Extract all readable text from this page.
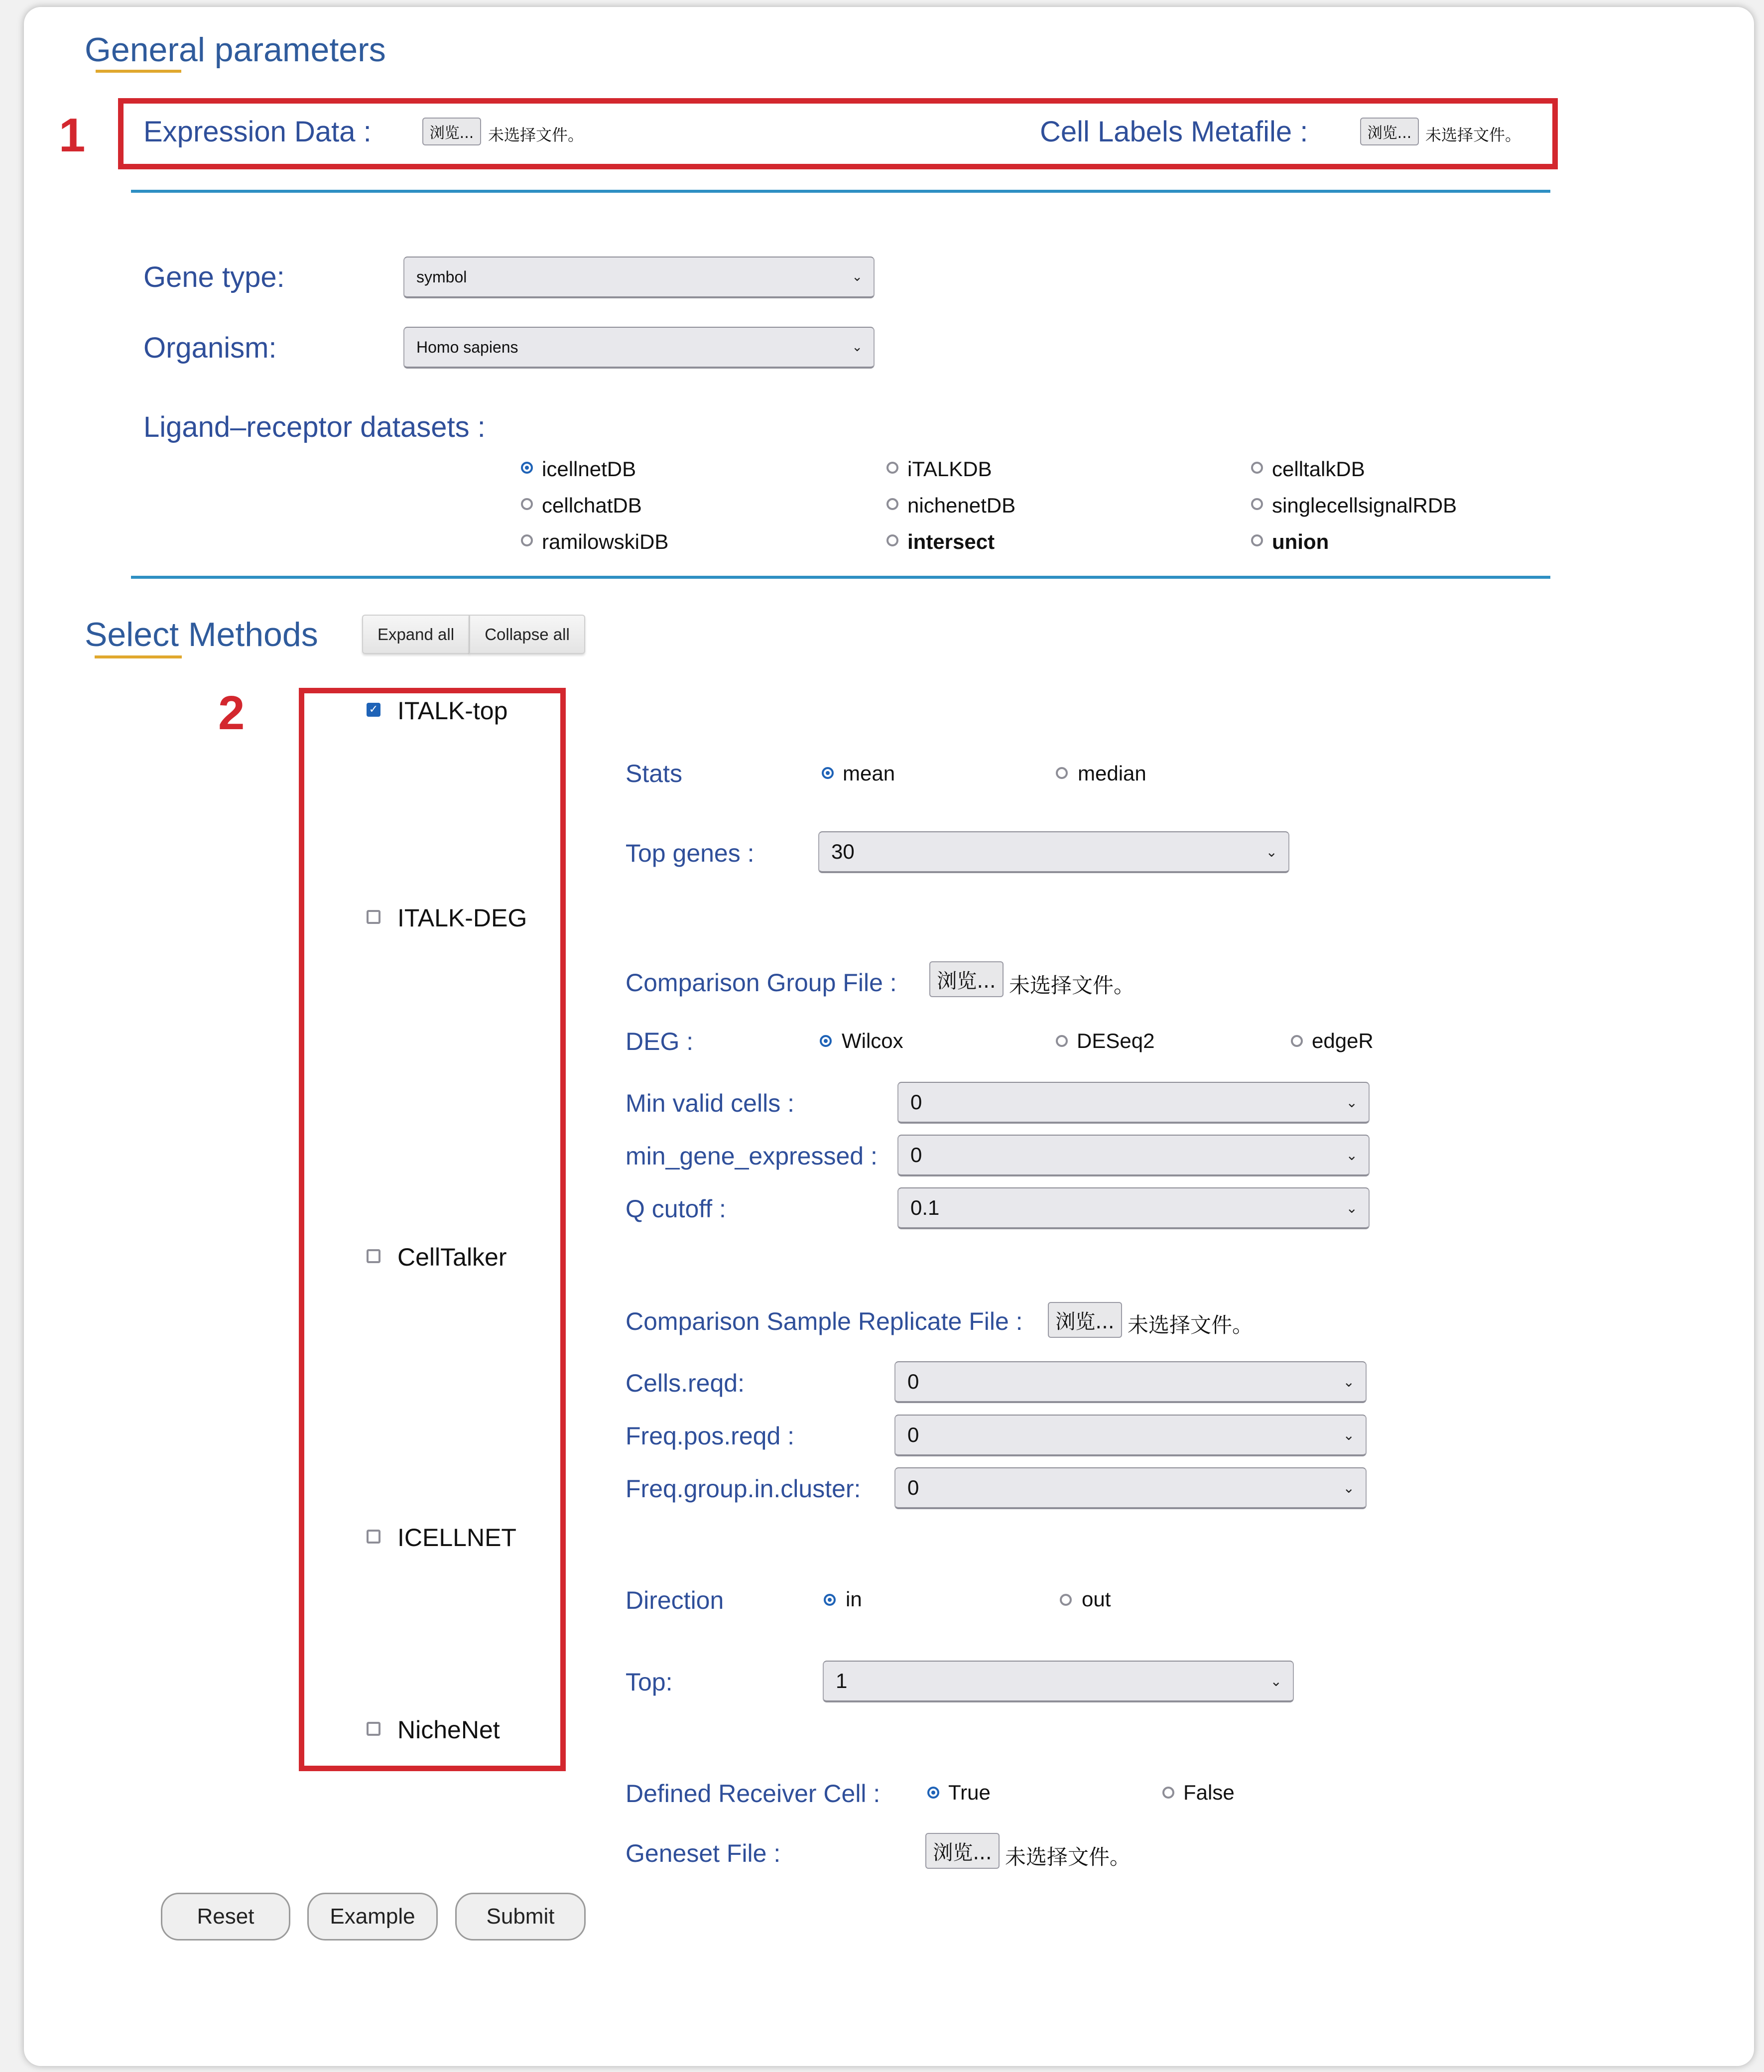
General parameters
1 Expression Data :	浏览... 未选择文件。	Cell Labels Metafile :	浏览... 未选择文件。
Gene type:	symbol	⌄
Organism:	Homo sapiens	⌄
Ligand–receptor datasets :
icellnetDB	iTALKDB	celltalkDB
cellchatDB	nichenetDB	singlecellsignalRDB
ramilowskiDB	intersect	union
Select Methods	Expand all	Collapse all
2	✓ ITALK-top
ITALK-DEG
CellTalker
ICELLNET
NicheNet
Stats	mean	median
Top genes :	30	⌄
Comparison Group File :	浏览... 未选择文件。
DEG :	Wilcox	DESeq2	edgeR
Min valid cells :	0	⌄
min_gene_expressed : 0	⌄
Q cutoff :	0.1	⌄
Comparison Sample Replicate File :	浏览... 未选择文件。
Cells.reqd:	0	⌄
Freq.pos.reqd :	0	⌄
Freq.group.in.cluster: 0	⌄
Direction	in	out
Top:	1	⌄
Defined Receiver Cell :	True	False
Geneset File :	浏览... 未选择文件。
Reset	Example	Submit
